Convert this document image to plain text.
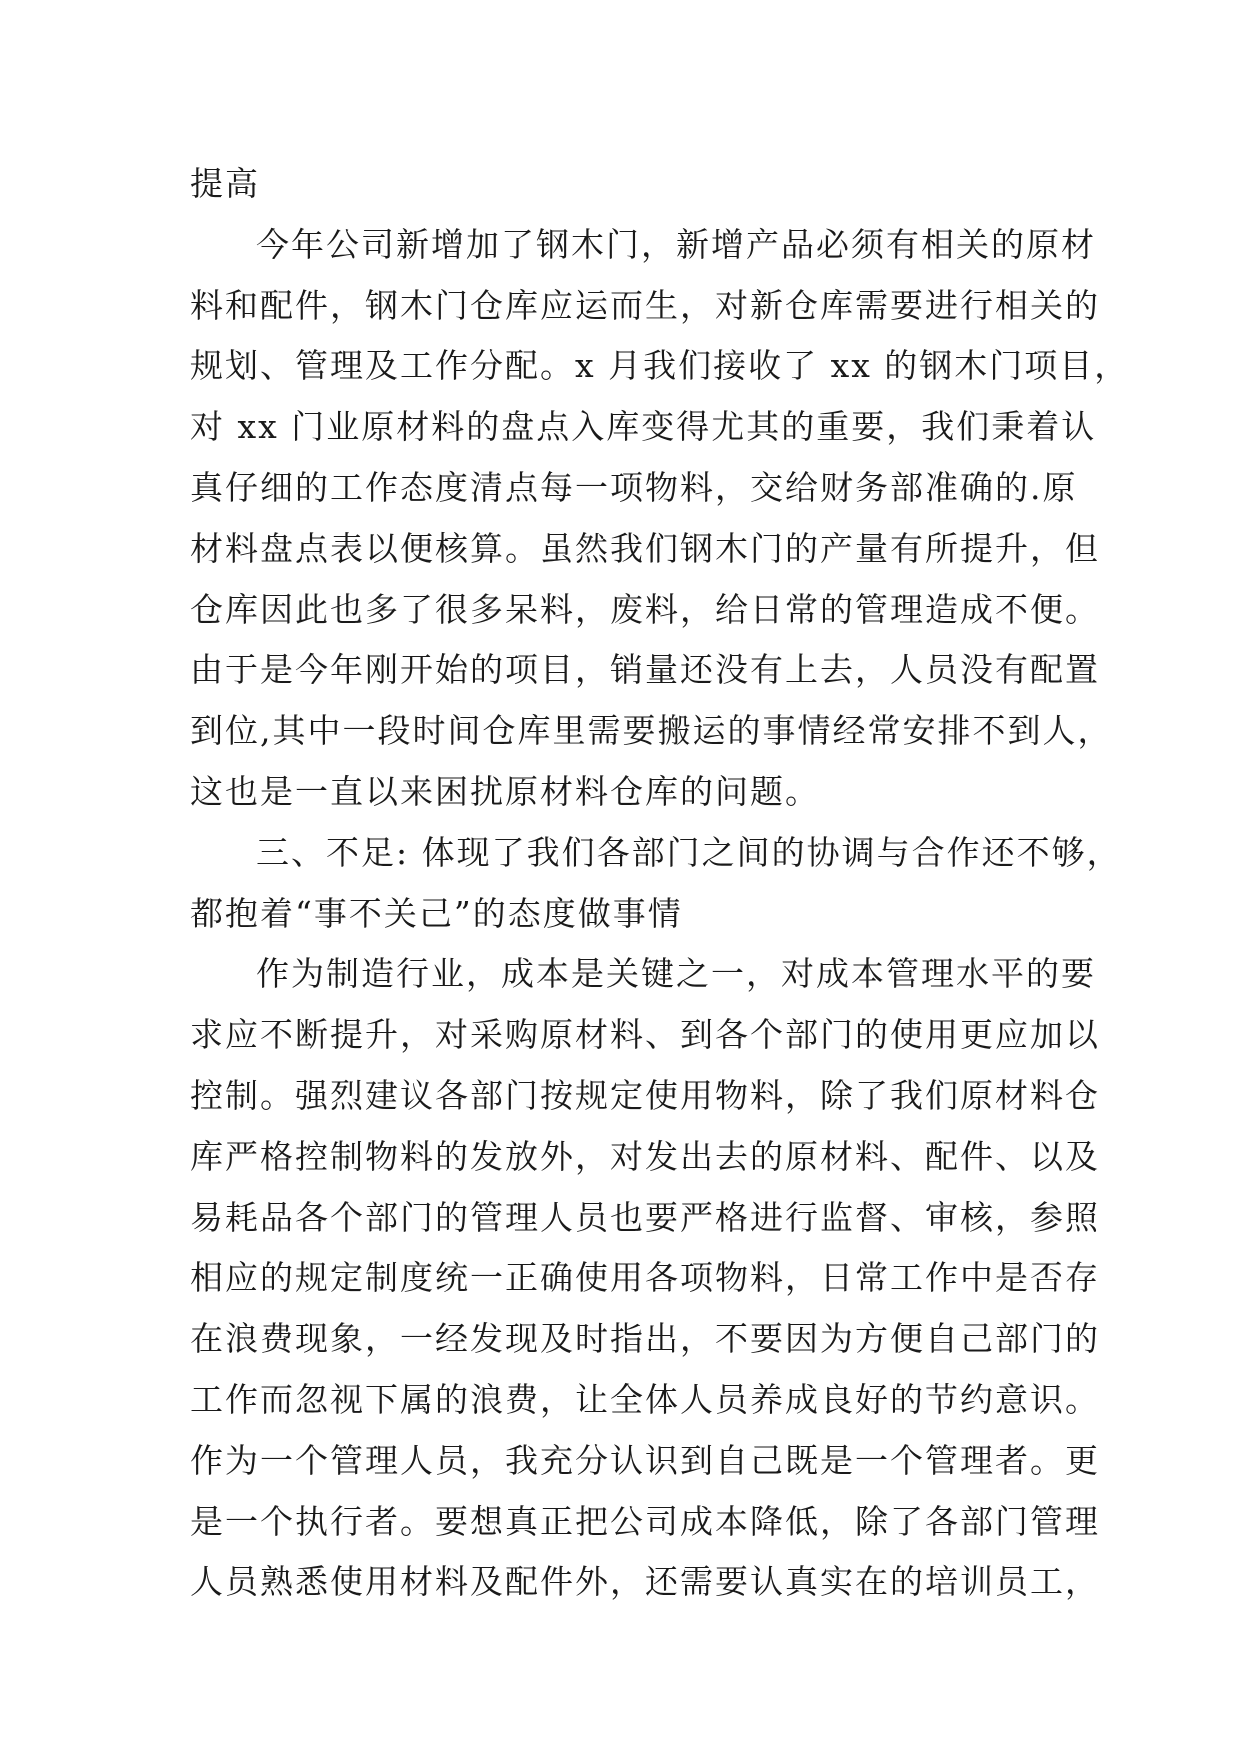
提高
今年公司新增加了钢木门，新增产品必须有相关的原材
料和配件，钢木门仓库应运而生，对新仓库需要进行相关的
规划、管理及工作分配。x 月我们接收了 xx 的钢木门项目，
对 xx 门业原材料的盘点入库变得尤其的重要，我们秉着认
真仔细的工作态度清点每一项物料，交给财务部准确的.原
材料盘点表以便核算。虽然我们钢木门的产量有所提升，但
仓库因此也多了很多呆料，废料，给日常的管理造成不便。
由于是今年刚开始的项目，销量还没有上去，人员没有配置
到位,其中一段时间仓库里需要搬运的事情经常安排不到人，
这也是一直以来困扰原材料仓库的问题。
三、不足: 体现了我们各部门之间的协调与合作还不够，
都抱着“事不关己”的态度做事情
作为制造行业，成本是关键之一，对成本管理水平的要
求应不断提升，对采购原材料、到各个部门的使用更应加以
控制。强烈建议各部门按规定使用物料，除了我们原材料仓
库严格控制物料的发放外，对发出去的原材料、配件、以及
易耗品各个部门的管理人员也要严格进行监督、审核，参照
相应的规定制度统一正确使用各项物料，日常工作中是否存
在浪费现象，一经发现及时指出，不要因为方便自己部门的
工作而忽视下属的浪费，让全体人员养成良好的节约意识。
作为一个管理人员，我充分认识到自己既是一个管理者。更
是一个执行者。要想真正把公司成本降低，除了各部门管理
人员熟悉使用材料及配件外，还需要认真实在的培训员工，
